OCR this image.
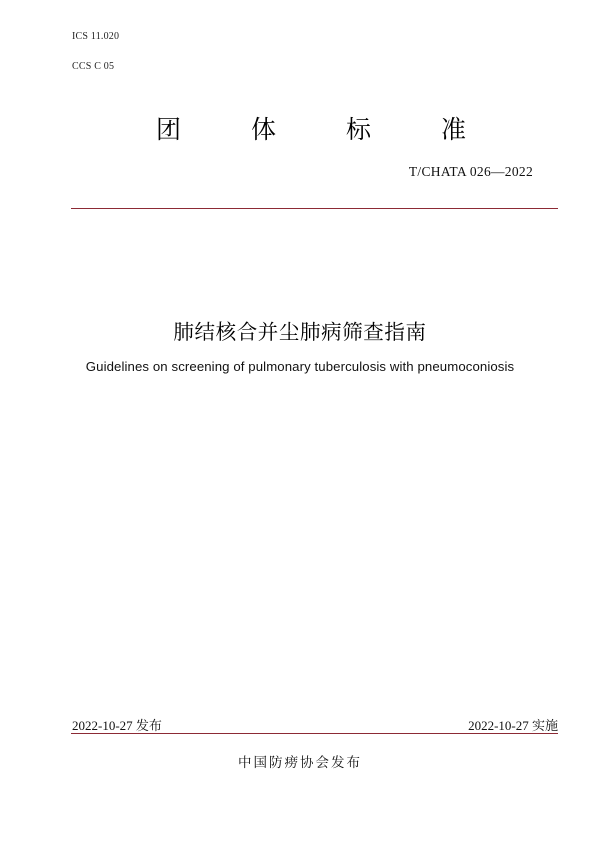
ICS 11.020
CCS C 05
团	体	标	准
T/CHATA 026—2022
肺结核合并尘肺病筛查指南
Guidelines on screening of pulmonary tuberculosis with pneumoconiosis
2022-10-27 发布	2022-10-27 实施
中国防痨协会发布
